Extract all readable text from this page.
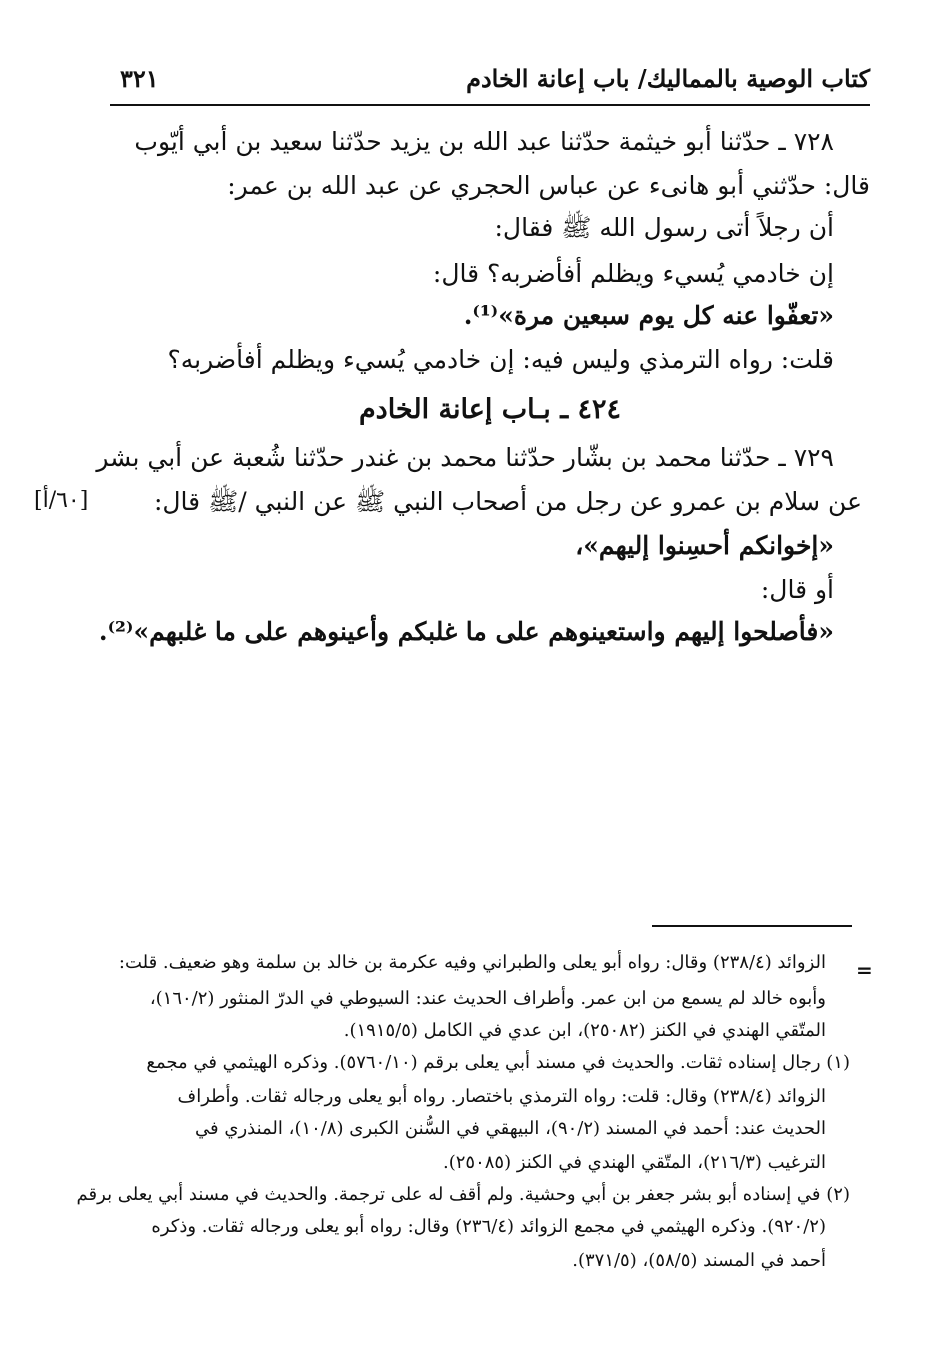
كتاب الوصية بالمماليك/ باب إعانة الخادم
٣٢١
٧٢٨ ـ حدّثنا أبو خيثمة حدّثنا عبد الله بن يزيد حدّثنا سعيد بن أبي أيّوب
قال: حدّثني أبو هانىء عن عباس الحجري عن عبد الله بن عمر:
أن رجلاً أتى رسول الله ﷺ فقال:
إن خادمي يُسيء ويظلم أفأضربه؟ قال:
«تعفّوا عنه كل يوم سبعين مرة»⁽¹⁾.
قلت: رواه الترمذي وليس فيه: إن خادمي يُسيء ويظلم أفأضربه؟
٤٢٤ ـ بـاب إعانة الخادم
٧٢٩ ـ حدّثنا محمد بن بشّار حدّثنا محمد بن غندر حدّثنا شُعبة عن أبي بشر
عن سلام بن عمرو عن رجل من أصحاب النبي ﷺ عن النبي /ﷺ قال:
«إخوانكم أحسِنوا إليهم»،
أو قال:
«فأصلحوا إليهم واستعينوهم على ما غلبكم وأعينوهم على ما غلبهم»⁽²⁾.
[٦٠/أ]
=
الزوائد (٢٣٨/٤) وقال: رواه أبو يعلى والطبراني وفيه عكرمة بن خالد بن سلمة وهو ضعيف. قلت:
وأبوه خالد لم يسمع من ابن عمر. وأطراف الحديث عند: السيوطي في الدرّ المنثور (١٦٠/٢)،
المتّقي الهندي في الكنز (٢٥٠٨٢)، ابن عدي في الكامل (١٩١٥/٥).
(١) رجال إسناده ثقات. والحديث في مسند أبي يعلى برقم (٥٧٦٠/١٠). وذكره الهيثمي في مجمع
الزوائد (٢٣٨/٤) وقال: قلت: رواه الترمذي باختصار. رواه أبو يعلى ورجاله ثقات. وأطراف
الحديث عند: أحمد في المسند (٩٠/٢)، البيهقي في السُّنن الكبرى (١٠/٨)، المنذري في
الترغيب (٢١٦/٣)، المتّقي الهندي في الكنز (٢٥٠٨٥).
(٢) في إسناده أبو بشر جعفر بن أبي وحشية. ولم أقف له على ترجمة. والحديث في مسند أبي يعلى برقم
(٩٢٠/٢). وذكره الهيثمي في مجمع الزوائد (٢٣٦/٤) وقال: رواه أبو يعلى ورجاله ثقات. وذكره
أحمد في المسند (٥٨/٥)، (٣٧١/٥).
